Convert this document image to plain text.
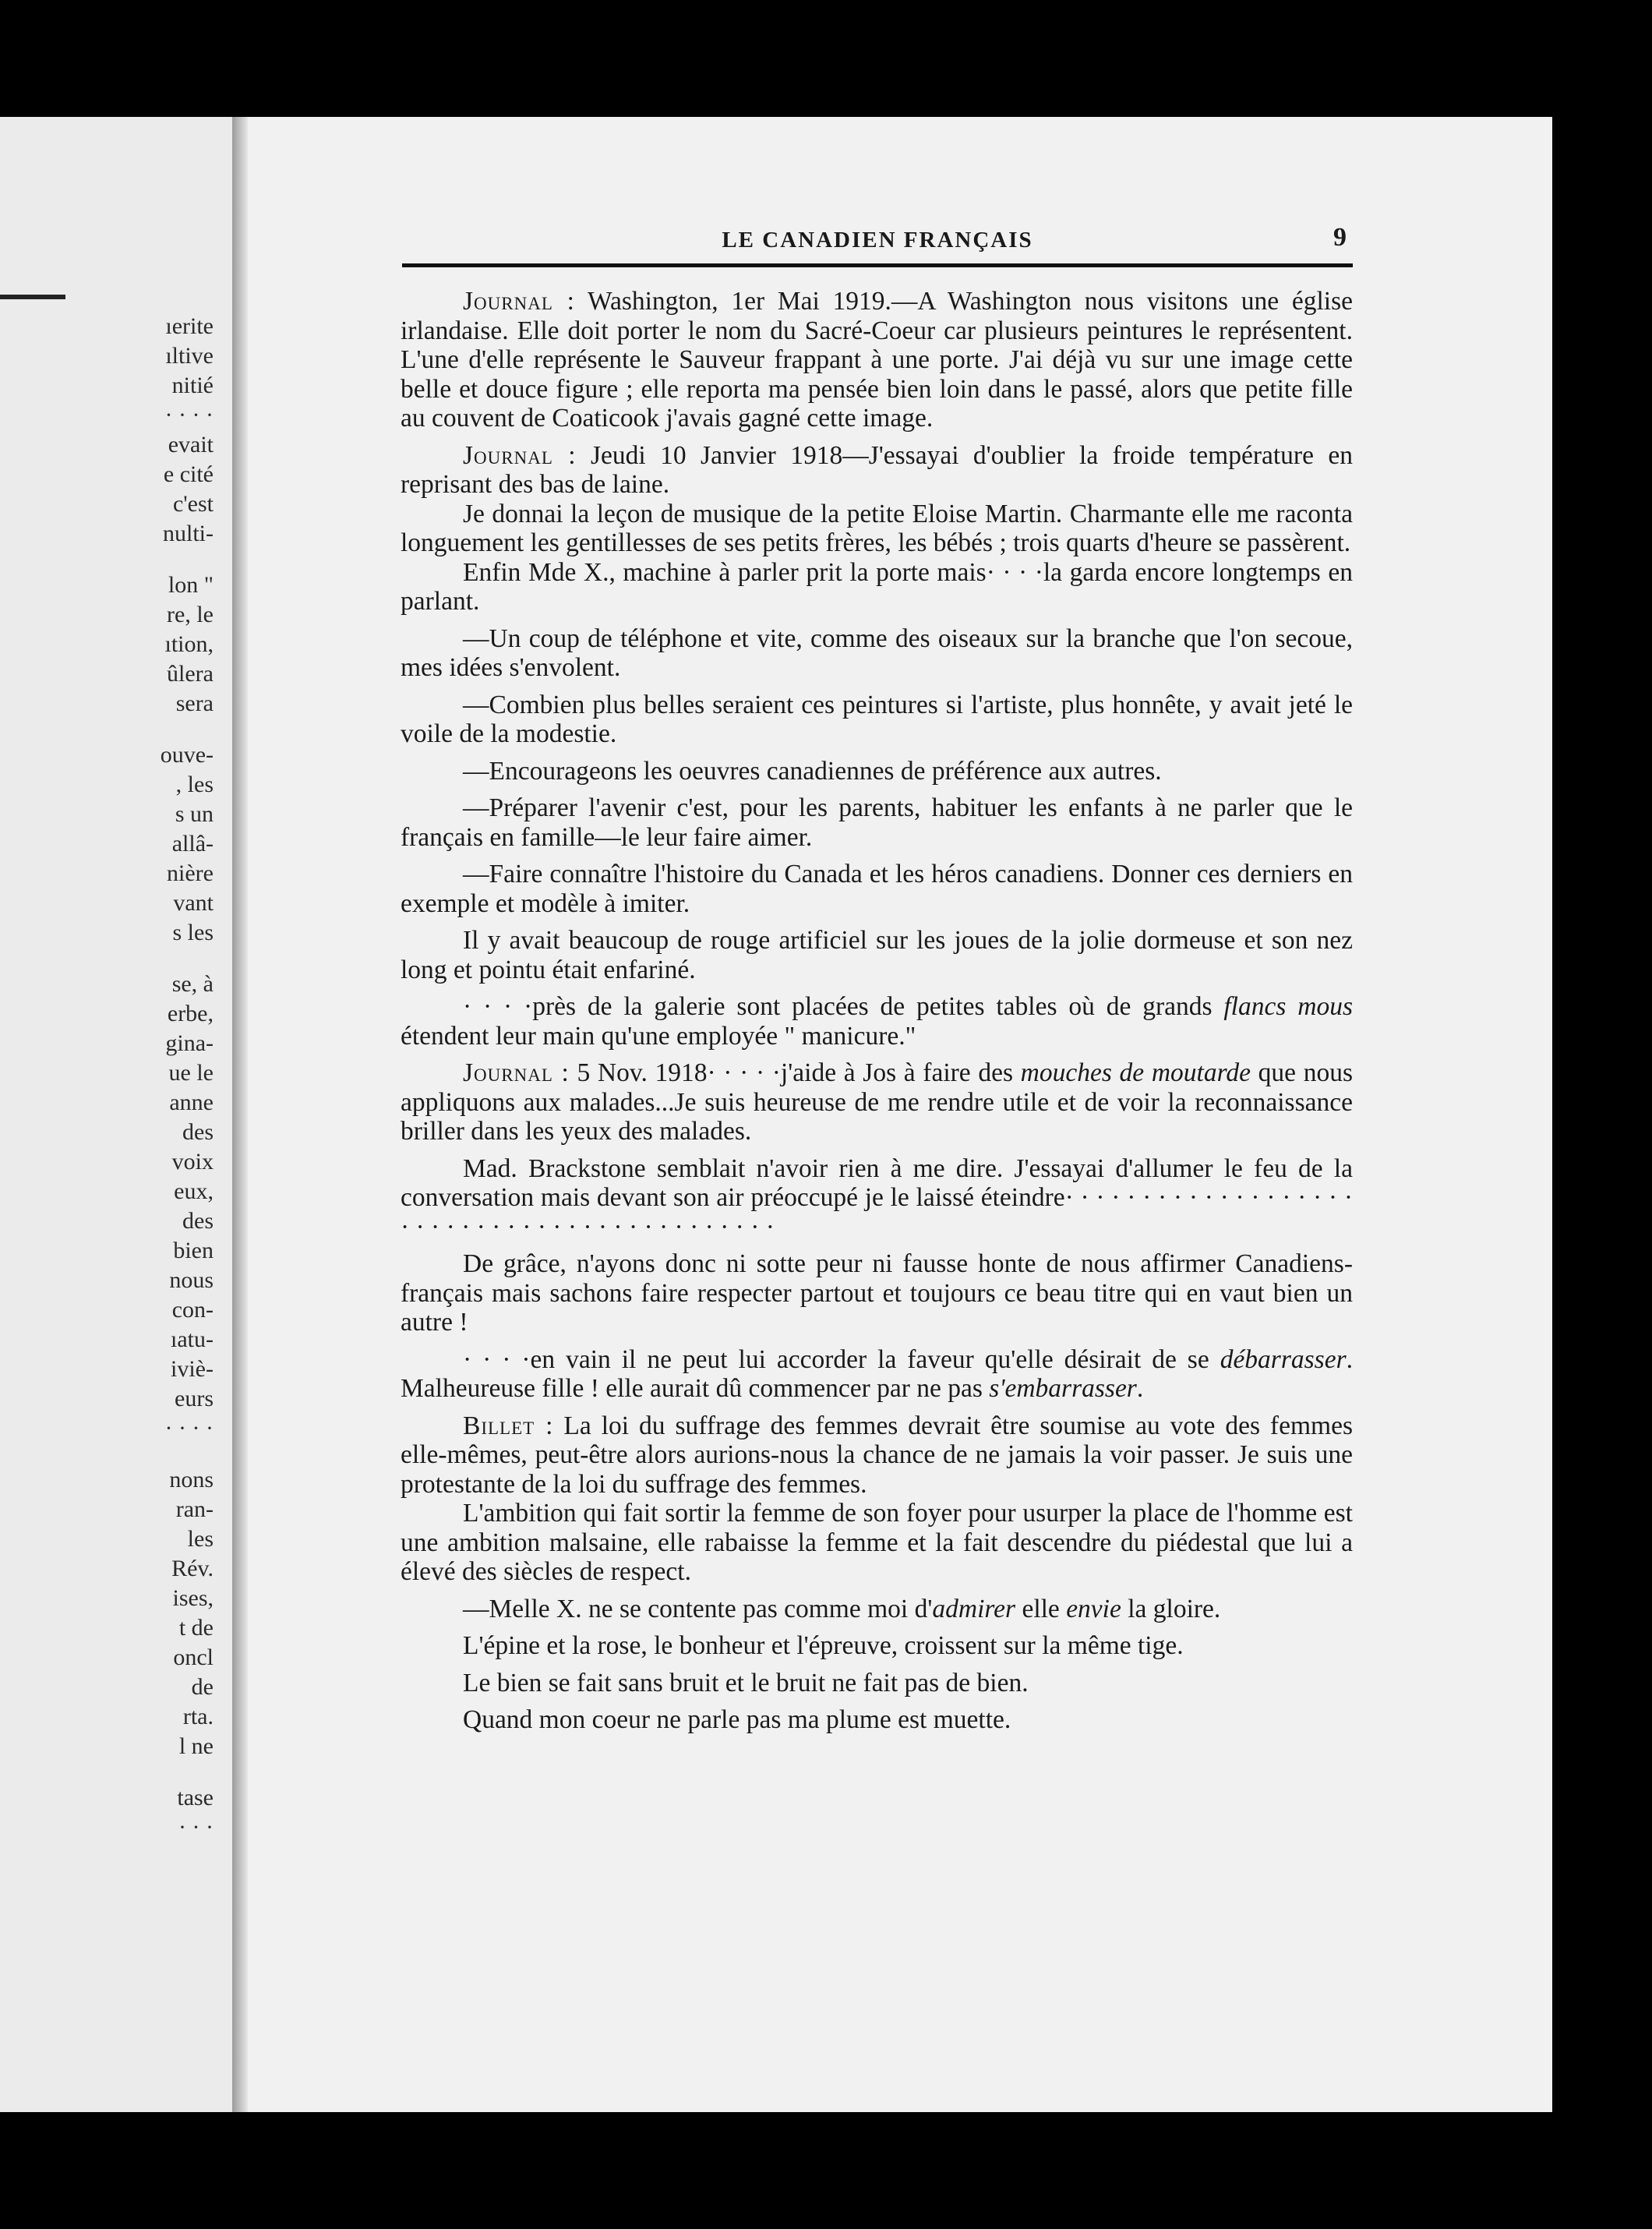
ıerite
ıltive
nitié
· · · ·
evait
e cité
c'est
nulti-
lon "
re, le
ıtion,
ûlera
sera
ouve-
, les
s un
allâ-
nière
vant
s les
se, à
erbe,
gina-
ue le
anne
des
voix
eux,
des
bien
nous
con-
ıatu-
iviè-
eurs
· · · ·
nons
ran-
les
Rév.
ises,
t de
oncl
de
rta.
l ne
tase
· · ·
LE CANADIEN FRANÇAIS	9

Journal : Washington, 1er Mai 1919.—A Washington nous visitons une église irlandaise. Elle doit porter le nom du Sacré-Coeur car plusieurs peintures le représentent. L'une d'elle représente le Sauveur frappant à une porte. J'ai déjà vu sur une image cette belle et douce figure ; elle reporta ma pensée bien loin dans le passé, alors que petite fille au couvent de Coaticook j'avais gagné cette image.

Journal : Jeudi 10 Janvier 1918—J'essayai d'oublier la froide température en reprisant des bas de laine.

Je donnai la leçon de musique de la petite Eloise Martin. Charmante elle me raconta longuement les gentillesses de ses petits frères, les bébés ; trois quarts d'heure se passèrent.

Enfin Mde X., machine à parler prit la porte mais· · · ·la garda encore longtemps en parlant.

—Un coup de téléphone et vite, comme des oiseaux sur la branche que l'on secoue, mes idées s'envolent.

—Combien plus belles seraient ces peintures si l'artiste, plus honnête, y avait jeté le voile de la modestie.

—Encourageons les oeuvres canadiennes de préférence aux autres.

—Préparer l'avenir c'est, pour les parents, habituer les enfants à ne parler que le français en famille—le leur faire aimer.

—Faire connaître l'histoire du Canada et les héros canadiens. Donner ces derniers en exemple et modèle à imiter.

Il y avait beaucoup de rouge artificiel sur les joues de la jolie dormeuse et son nez long et pointu était enfariné.

· · · ·près de la galerie sont placées de petites tables où de grands flancs mous étendent leur main qu'une employée " manicure."

Journal : 5 Nov. 1918· · · · ·j'aide à Jos à faire des mouches de moutarde que nous appliquons aux malades...Je suis heureuse de me rendre utile et de voir la reconnaissance briller dans les yeux des malades.

Mad. Brackstone semblait n'avoir rien à me dire. J'essayai d'allumer le feu de la conversation mais devant son air préoccupé je le laissé éteindre· · · · · · · · · · · · · · · · · · · · · · · · · · · · · · · · · · · · · · · · · · · ·

De grâce, n'ayons donc ni sotte peur ni fausse honte de nous affirmer Canadiens-français mais sachons faire respecter partout et toujours ce beau titre qui en vaut bien un autre !

· · · ·en vain il ne peut lui accorder la faveur qu'elle désirait de se débarrasser. Malheureuse fille ! elle aurait dû commencer par ne pas s'embarrasser.

Billet : La loi du suffrage des femmes devrait être soumise au vote des femmes elle-mêmes, peut-être alors aurions-nous la chance de ne jamais la voir passer. Je suis une protestante de la loi du suffrage des femmes.

L'ambition qui fait sortir la femme de son foyer pour usurper la place de l'homme est une ambition malsaine, elle rabaisse la femme et la fait descendre du piédestal que lui a élevé des siècles de respect.

—Melle X. ne se contente pas comme moi d'admirer elle envie la gloire.

L'épine et la rose, le bonheur et l'épreuve, croissent sur la même tige.

Le bien se fait sans bruit et le bruit ne fait pas de bien.

Quand mon coeur ne parle pas ma plume est muette.
